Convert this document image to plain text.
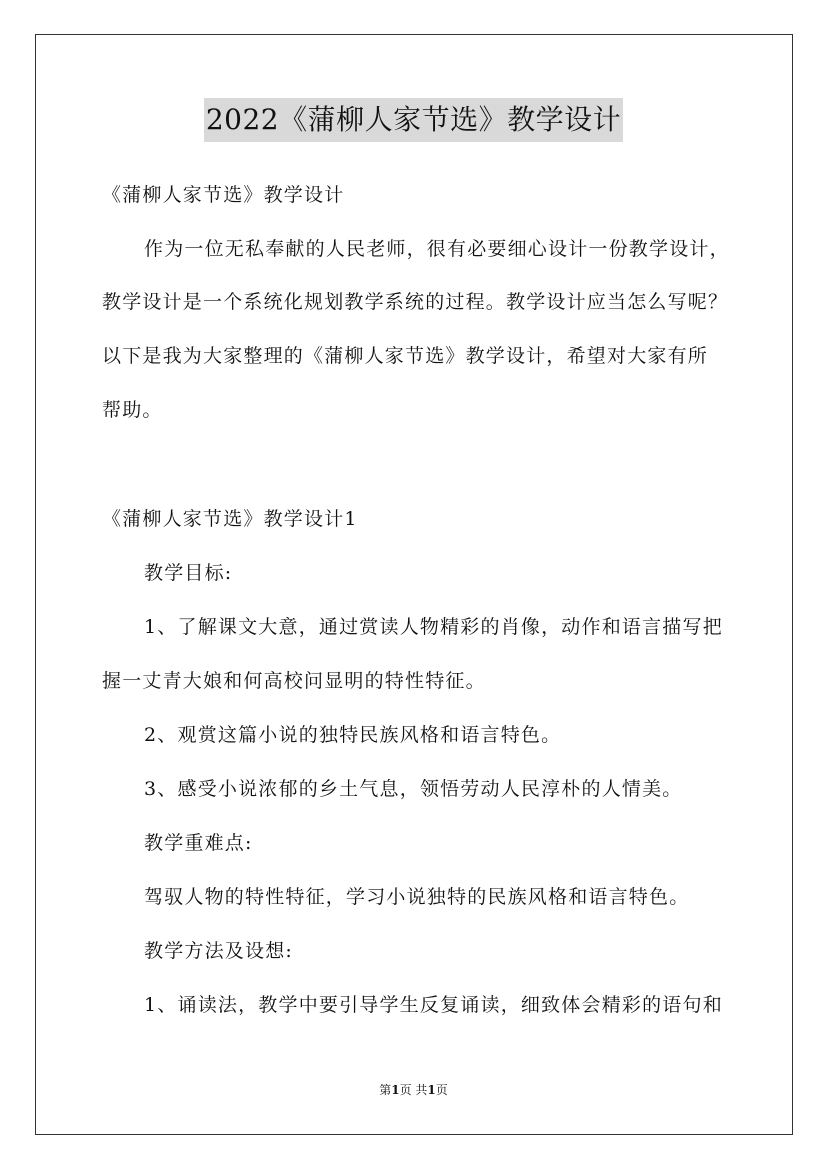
2022《蒲柳人家节选》教学设计
《蒲柳人家节选》教学设计
作为一位无私奉献的人民老师，很有必要细心设计一份教学设计，
教学设计是一个系统化规划教学系统的过程。教学设计应当怎么写呢？
以下是我为大家整理的《蒲柳人家节选》教学设计，希望对大家有所
帮助。
《蒲柳人家节选》教学设计1
教学目标:
1、了解课文大意，通过赏读人物精彩的肖像，动作和语言描写把
握一丈青大娘和何高校问显明的特性特征。
2、观赏这篇小说的独特民族风格和语言特色。
3、感受小说浓郁的乡土气息，领悟劳动人民淳朴的人情美。
教学重难点:
驾驭人物的特性特征，学习小说独特的民族风格和语言特色。
教学方法及设想:
1、诵读法，教学中要引导学生反复诵读，细致体会精彩的语句和
第1页 共1页
